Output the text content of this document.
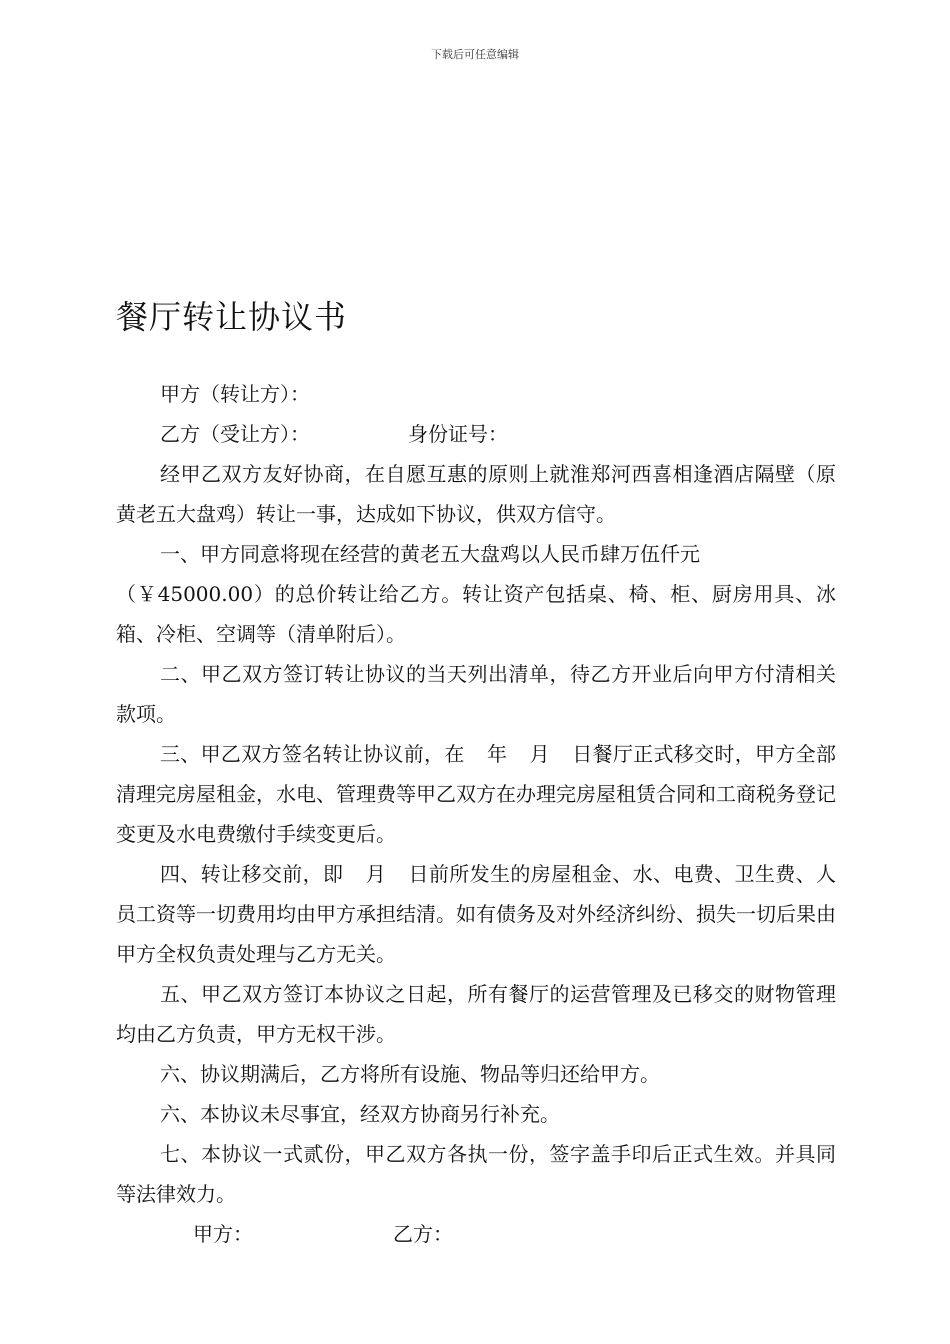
下载后可任意编辑
餐厅转让协议书

甲方（转让方）：

乙方（受让方）：	身份证号：

经甲乙双方友好协商，在自愿互惠的原则上就淮郑河西喜相逢酒店隔壁（原黄老五大盘鸡）转让一事，达成如下协议，供双方信守。

一、甲方同意将现在经营的黄老五大盘鸡以人民币肆万伍仟元

（￥45000.00）的总价转让给乙方。转让资产包括桌、椅、柜、厨房用具、冰箱、冷柜、空调等（清单附后）。

二、甲乙双方签订转让协议的当天列出清单，待乙方开业后向甲方付清相关款项。

三、甲乙双方签名转让协议前，在 年 月 日餐厅正式移交时，甲方全部清理完房屋租金，水电、管理费等甲乙双方在办理完房屋租赁合同和工商税务登记变更及水电费缴付手续变更后。

四、转让移交前，即 月 日前所发生的房屋租金、水、电费、卫生费、人员工资等一切费用均由甲方承担结清。如有债务及对外经济纠纷、损失一切后果由甲方全权负责处理与乙方无关。

五、甲乙双方签订本协议之日起，所有餐厅的运营管理及已移交的财物管理均由乙方负责，甲方无权干涉。

六、协议期满后，乙方将所有设施、物品等归还给甲方。

六、本协议未尽事宜，经双方协商另行补充。

七、本协议一式贰份，甲乙双方各执一份，签字盖手印后正式生效。并具同等法律效力。

甲方：	乙方：
